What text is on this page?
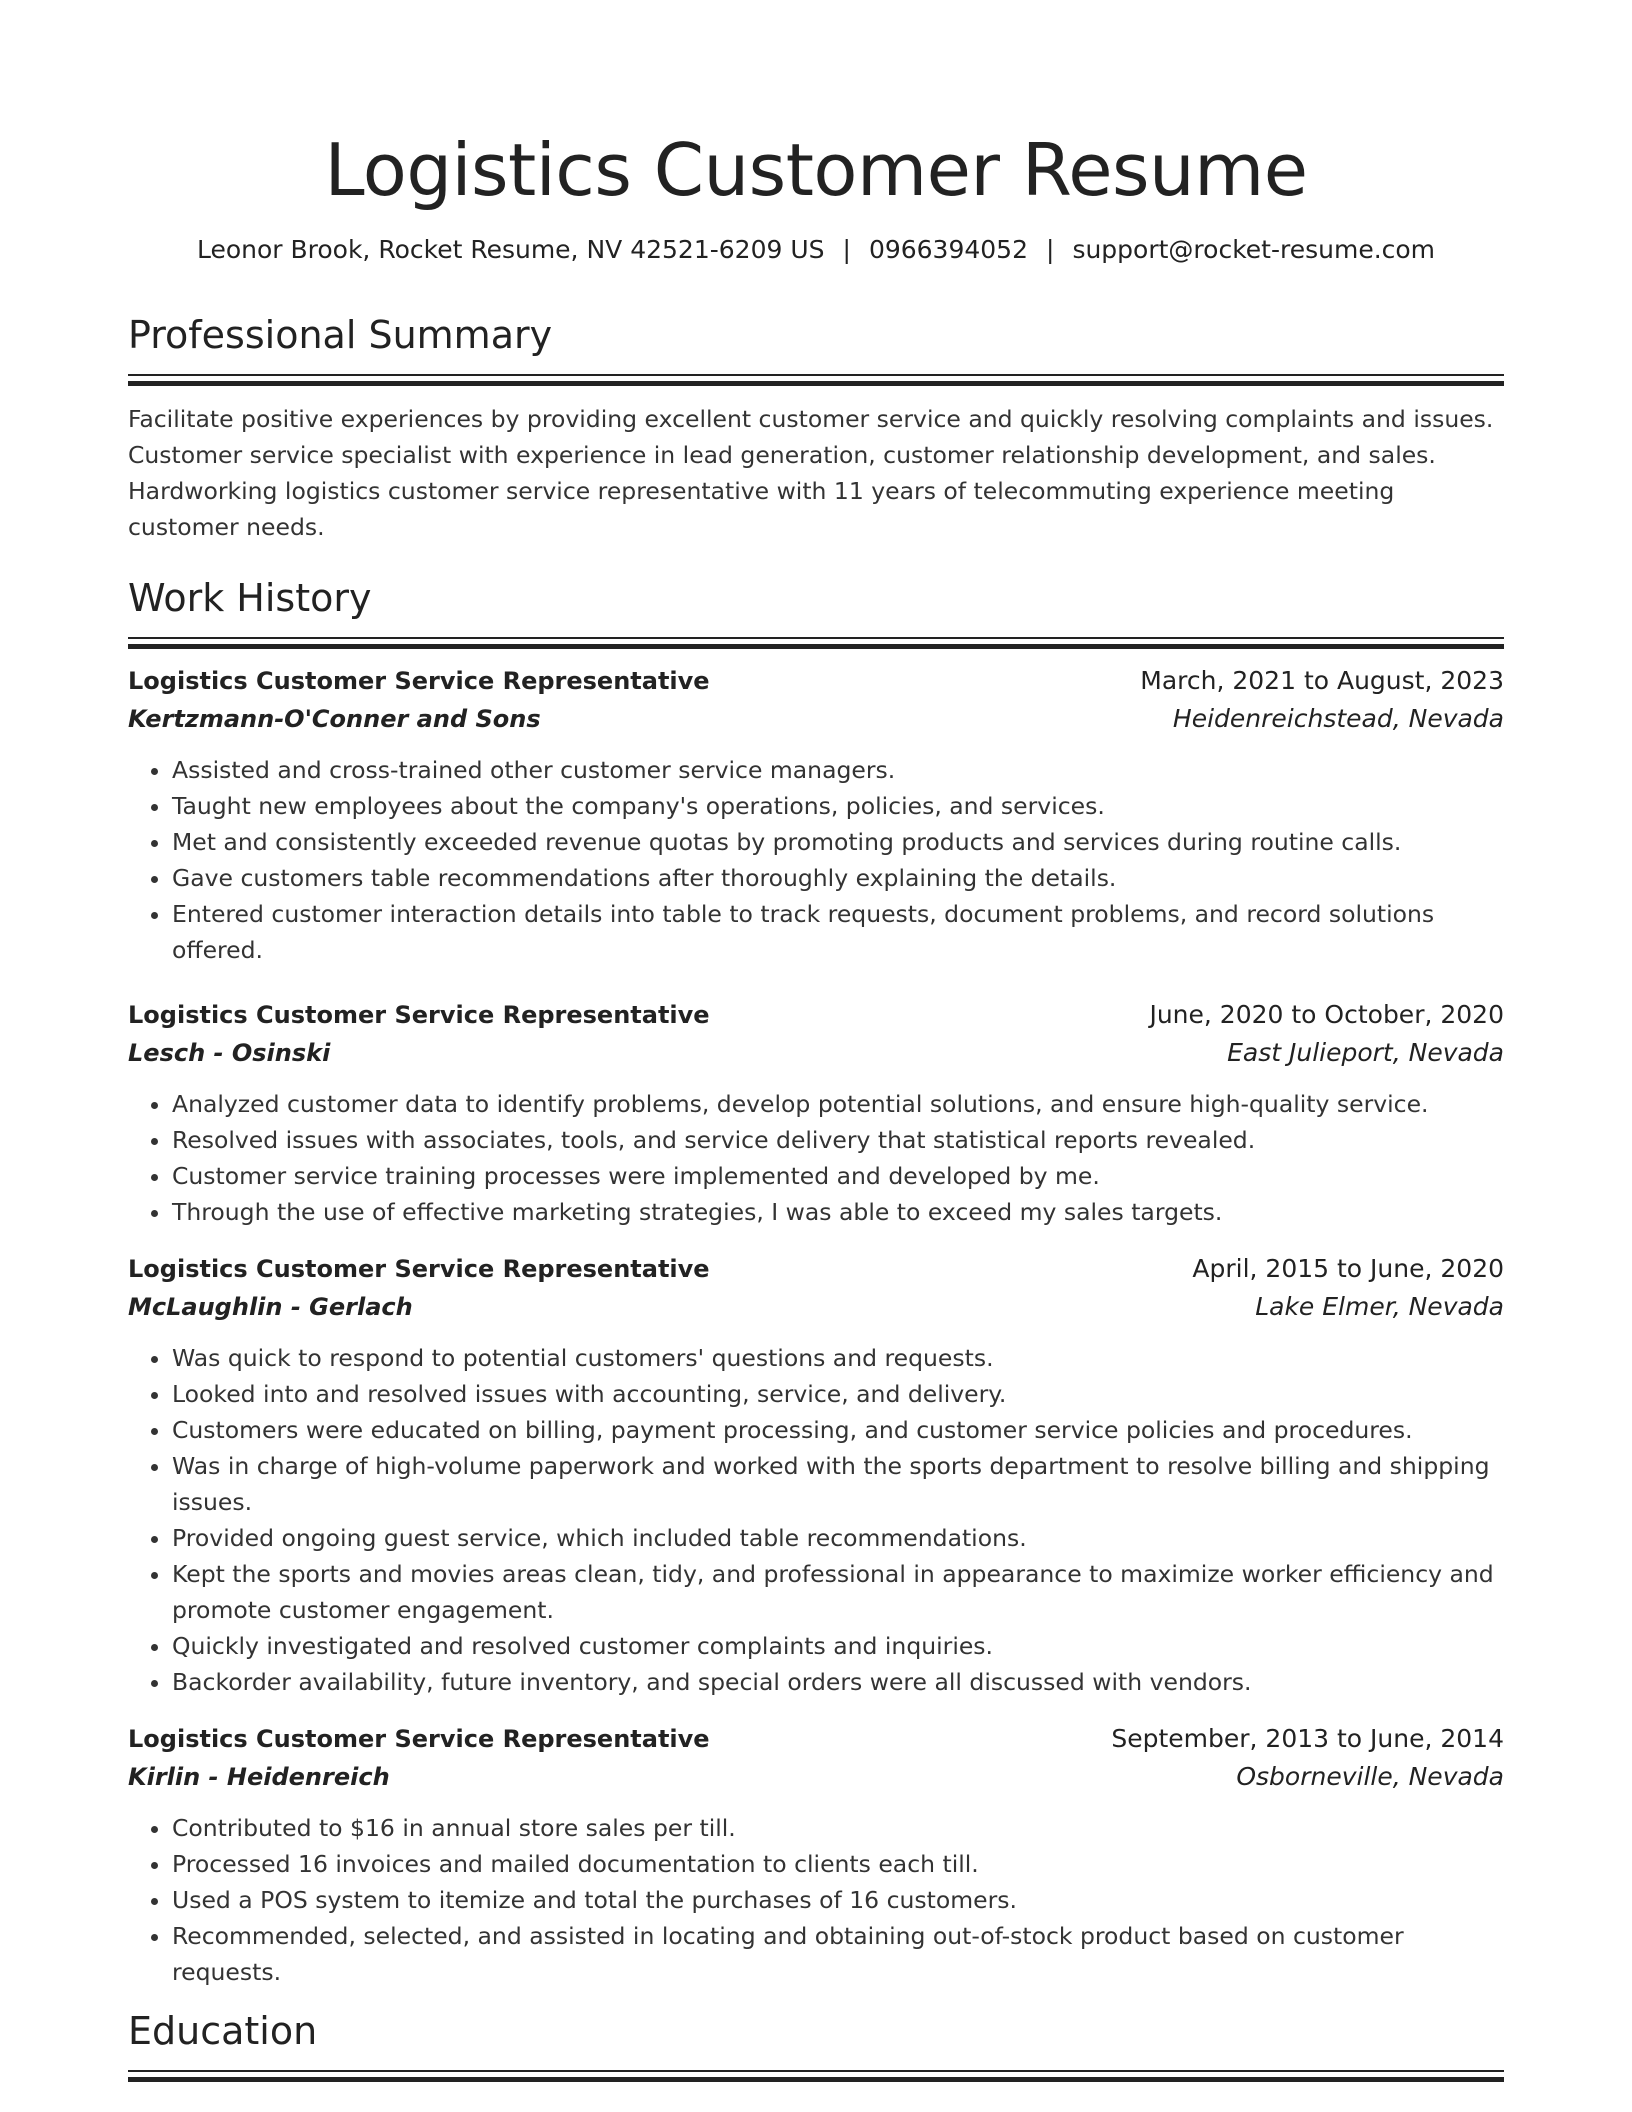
Logistics Customer Resume
Leonor Brook, Rocket Resume, NV 42521-6209 US | 0966394052 | support@rocket-resume.com
Professional Summary
Facilitate positive experiences by providing excellent customer service and quickly resolving complaints and issues. Customer service specialist with experience in lead generation, customer relationship development, and sales. Hardworking logistics customer service representative with 11 years of telecommuting experience meeting customer needs.
Work History
Logistics Customer Service Representative	March, 2021 to August, 2023
Kertzmann-O'Conner and Sons	Heidenreichstead, Nevada
• Assisted and cross-trained other customer service managers.
• Taught new employees about the company's operations, policies, and services.
• Met and consistently exceeded revenue quotas by promoting products and services during routine calls.
• Gave customers table recommendations after thoroughly explaining the details.
• Entered customer interaction details into table to track requests, document problems, and record solutions offered.
Logistics Customer Service Representative	June, 2020 to October, 2020
Lesch - Osinski	East Julieport, Nevada
• Analyzed customer data to identify problems, develop potential solutions, and ensure high-quality service.
• Resolved issues with associates, tools, and service delivery that statistical reports revealed.
• Customer service training processes were implemented and developed by me.
• Through the use of effective marketing strategies, I was able to exceed my sales targets.
Logistics Customer Service Representative	April, 2015 to June, 2020
McLaughlin - Gerlach	Lake Elmer, Nevada
• Was quick to respond to potential customers' questions and requests.
• Looked into and resolved issues with accounting, service, and delivery.
• Customers were educated on billing, payment processing, and customer service policies and procedures.
• Was in charge of high-volume paperwork and worked with the sports department to resolve billing and shipping issues.
• Provided ongoing guest service, which included table recommendations.
• Kept the sports and movies areas clean, tidy, and professional in appearance to maximize worker efficiency and promote customer engagement.
• Quickly investigated and resolved customer complaints and inquiries.
• Backorder availability, future inventory, and special orders were all discussed with vendors.
Logistics Customer Service Representative	September, 2013 to June, 2014
Kirlin - Heidenreich	Osborneville, Nevada
• Contributed to $16 in annual store sales per till.
• Processed 16 invoices and mailed documentation to clients each till.
• Used a POS system to itemize and total the purchases of 16 customers.
• Recommended, selected, and assisted in locating and obtaining out-of-stock product based on customer requests.
Education
